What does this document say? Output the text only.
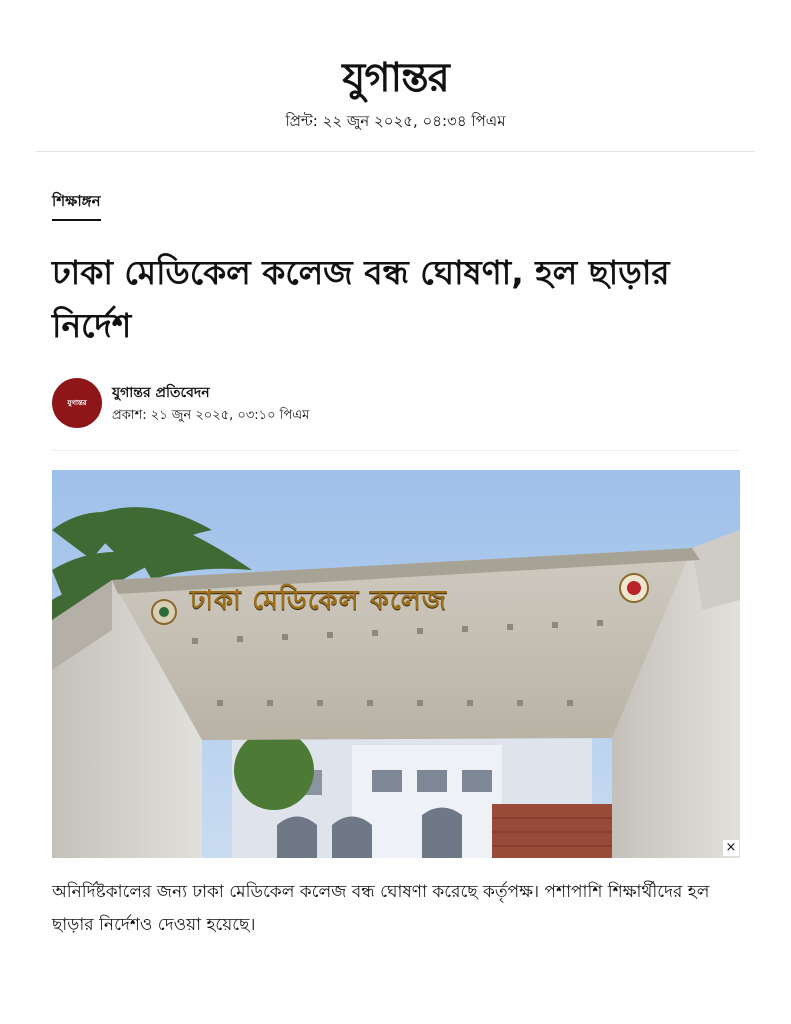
যুগান্তর
প্রিন্ট: ২২ জুন ২০২৫, ০৪:৩৪ পিএম
শিক্ষাঙ্গন
ঢাকা মেডিকেল কলেজ বন্ধ ঘোষণা, হল ছাড়ার নির্দেশ
যুগান্তর
যুগান্তর প্রতিবেদন
প্রকাশ: ২১ জুন ২০২৫, ০৩:১০ পিএম
ঢাকা মেডিকেল কলেজ
×

অনির্দিষ্টকালের জন্য ঢাকা মেডিকেল কলেজ বন্ধ ঘোষণা করেছে কর্তৃপক্ষ। পশাপাশি শিক্ষার্থীদের হল ছাড়ার নির্দেশও দেওয়া হয়েছে।
